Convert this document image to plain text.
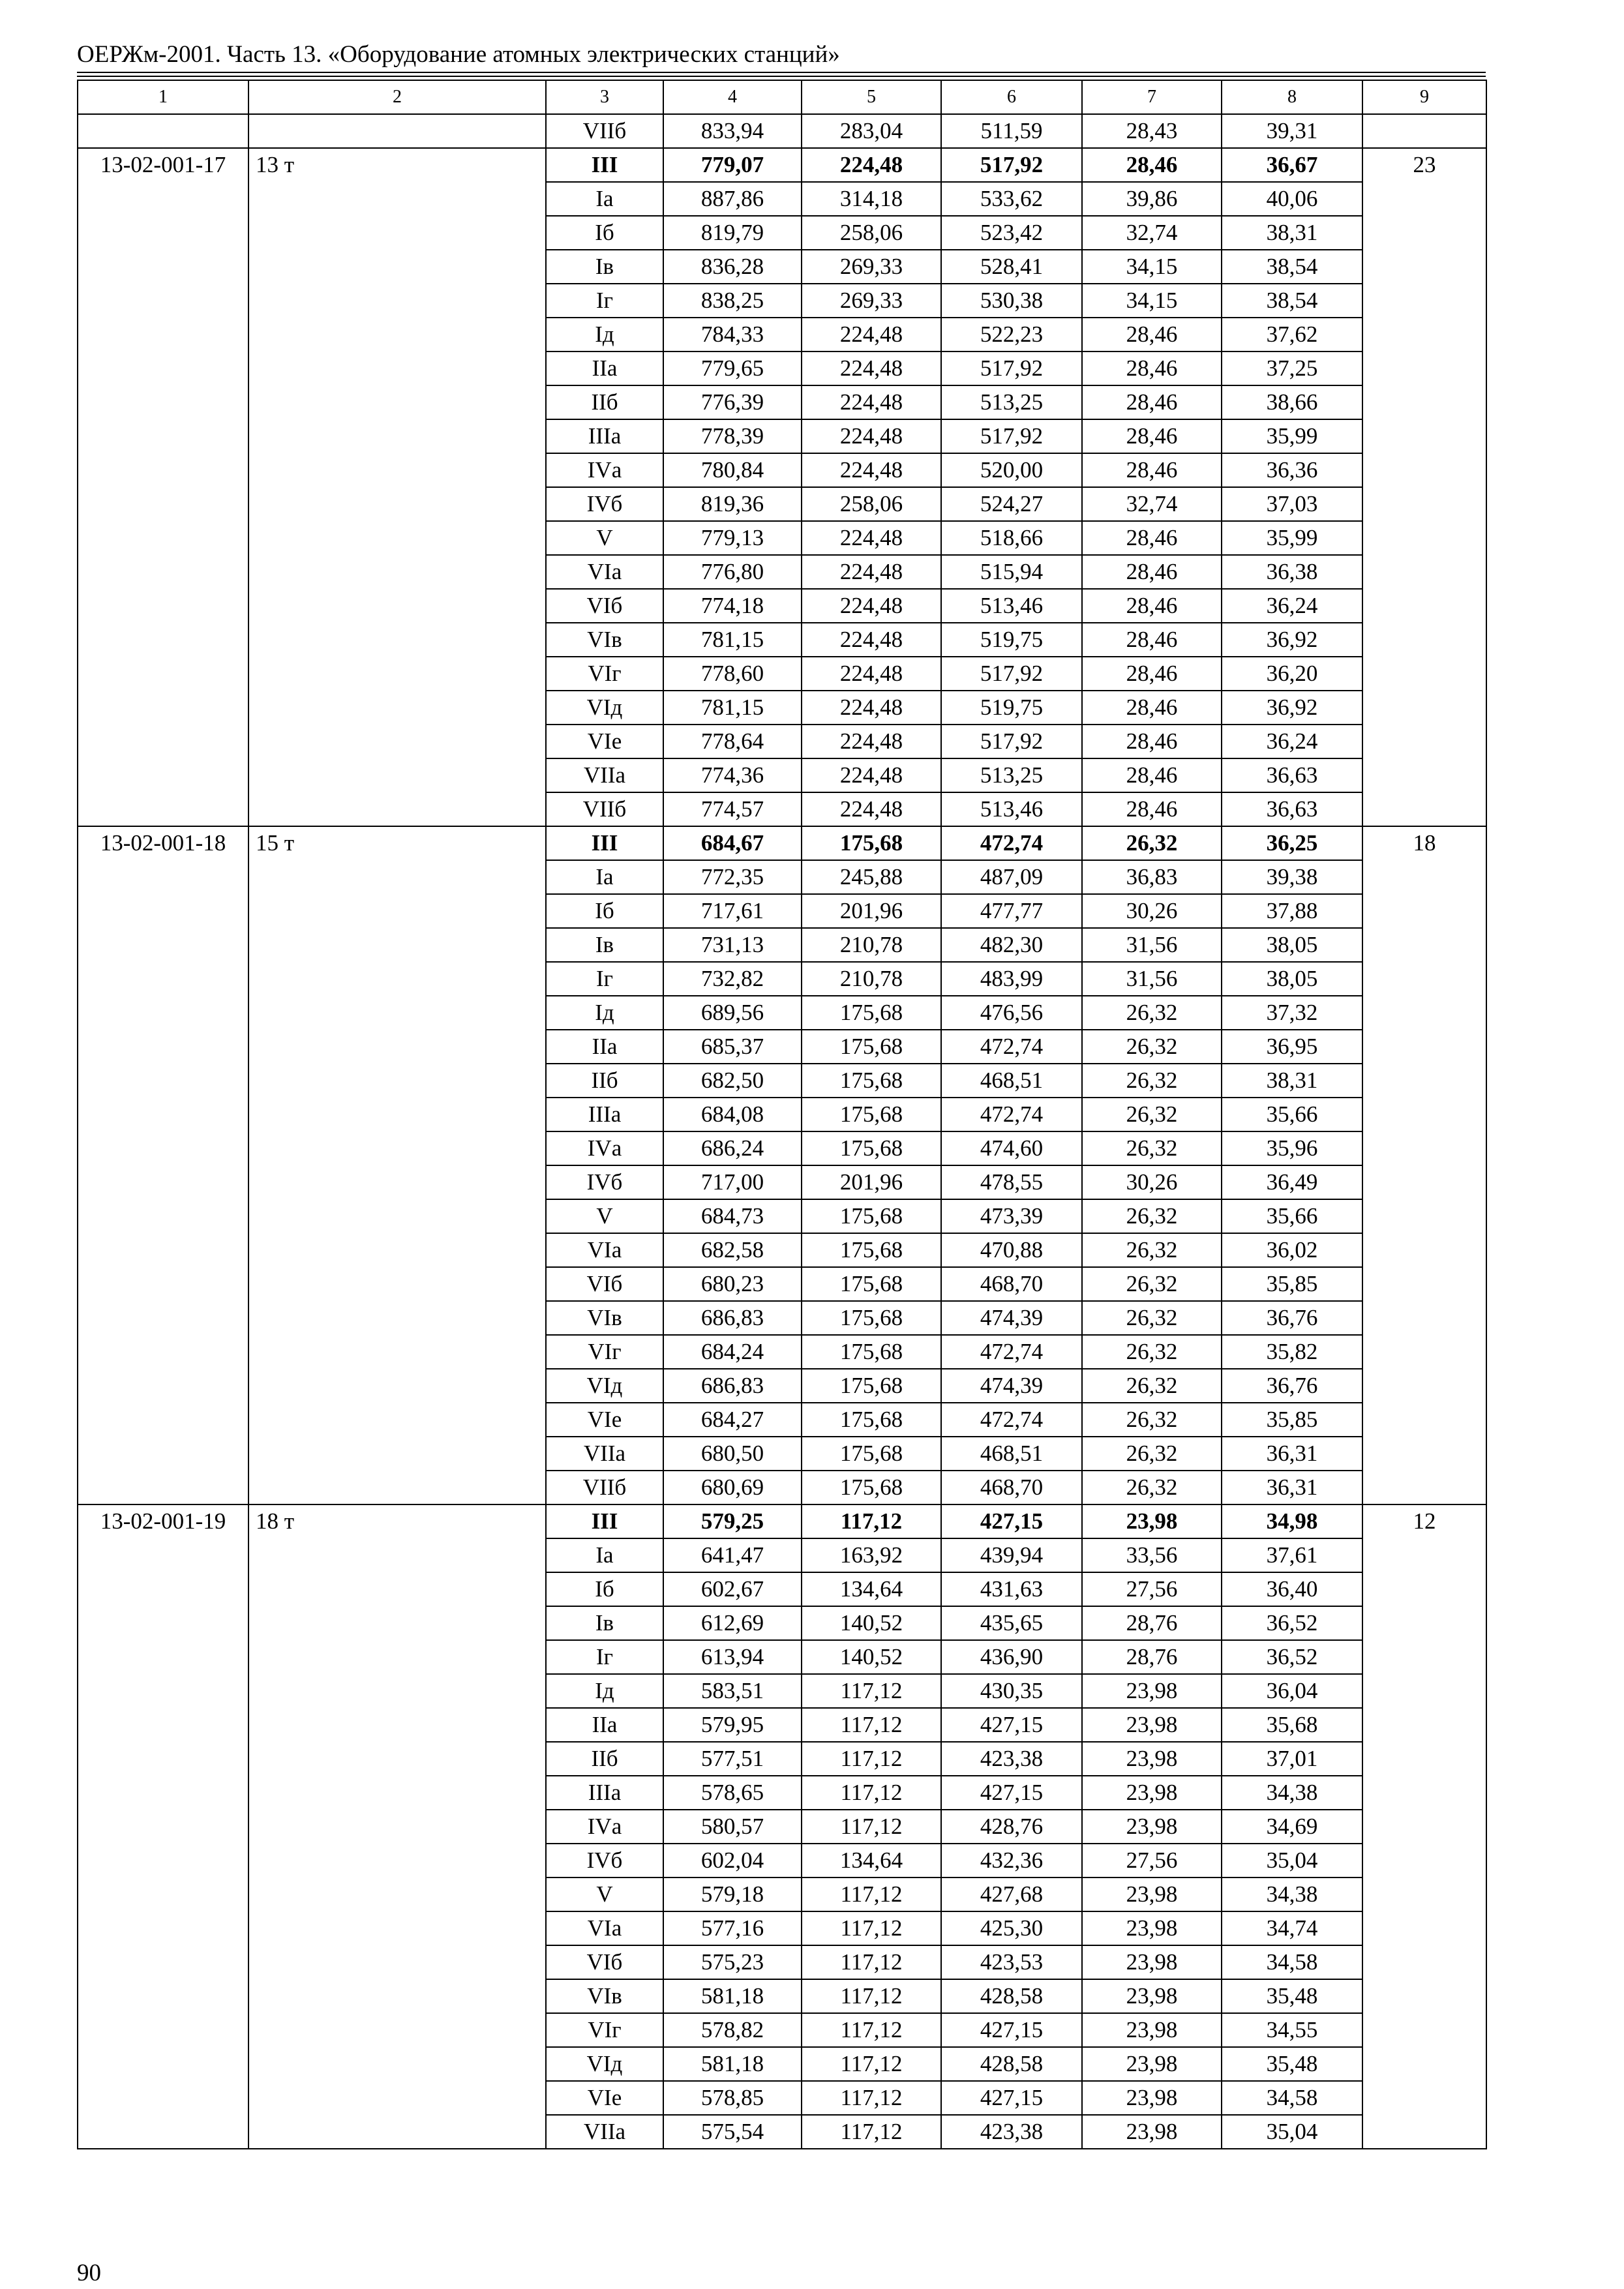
ОЕРЖм-2001. Часть 13. «Оборудование атомных электрических станций»
1	2	3	4	5	6	7	8	9
		VIIб	833,94	283,04	511,59	28,43	39,31	
13-02-001-17	13 т	III	779,07	224,48	517,92	28,46	36,67	23
		Iа	887,86	314,18	533,62	39,86	40,06	
		Iб	819,79	258,06	523,42	32,74	38,31	
		Iв	836,28	269,33	528,41	34,15	38,54	
		Iг	838,25	269,33	530,38	34,15	38,54	
		Iд	784,33	224,48	522,23	28,46	37,62	
		IIа	779,65	224,48	517,92	28,46	37,25	
		IIб	776,39	224,48	513,25	28,46	38,66	
		IIIа	778,39	224,48	517,92	28,46	35,99	
		IVа	780,84	224,48	520,00	28,46	36,36	
		IVб	819,36	258,06	524,27	32,74	37,03	
		V	779,13	224,48	518,66	28,46	35,99	
		VIа	776,80	224,48	515,94	28,46	36,38	
		VIб	774,18	224,48	513,46	28,46	36,24	
		VIв	781,15	224,48	519,75	28,46	36,92	
		VIг	778,60	224,48	517,92	28,46	36,20	
		VIд	781,15	224,48	519,75	28,46	36,92	
		VIе	778,64	224,48	517,92	28,46	36,24	
		VIIа	774,36	224,48	513,25	28,46	36,63	
		VIIб	774,57	224,48	513,46	28,46	36,63	
13-02-001-18	15 т	III	684,67	175,68	472,74	26,32	36,25	18
		Iа	772,35	245,88	487,09	36,83	39,38	
		Iб	717,61	201,96	477,77	30,26	37,88	
		Iв	731,13	210,78	482,30	31,56	38,05	
		Iг	732,82	210,78	483,99	31,56	38,05	
		Iд	689,56	175,68	476,56	26,32	37,32	
		IIа	685,37	175,68	472,74	26,32	36,95	
		IIб	682,50	175,68	468,51	26,32	38,31	
		IIIа	684,08	175,68	472,74	26,32	35,66	
		IVа	686,24	175,68	474,60	26,32	35,96	
		IVб	717,00	201,96	478,55	30,26	36,49	
		V	684,73	175,68	473,39	26,32	35,66	
		VIа	682,58	175,68	470,88	26,32	36,02	
		VIб	680,23	175,68	468,70	26,32	35,85	
		VIв	686,83	175,68	474,39	26,32	36,76	
		VIг	684,24	175,68	472,74	26,32	35,82	
		VIд	686,83	175,68	474,39	26,32	36,76	
		VIе	684,27	175,68	472,74	26,32	35,85	
		VIIа	680,50	175,68	468,51	26,32	36,31	
		VIIб	680,69	175,68	468,70	26,32	36,31	
13-02-001-19	18 т	III	579,25	117,12	427,15	23,98	34,98	12
		Iа	641,47	163,92	439,94	33,56	37,61	
		Iб	602,67	134,64	431,63	27,56	36,40	
		Iв	612,69	140,52	435,65	28,76	36,52	
		Iг	613,94	140,52	436,90	28,76	36,52	
		Iд	583,51	117,12	430,35	23,98	36,04	
		IIа	579,95	117,12	427,15	23,98	35,68	
		IIб	577,51	117,12	423,38	23,98	37,01	
		IIIа	578,65	117,12	427,15	23,98	34,38	
		IVа	580,57	117,12	428,76	23,98	34,69	
		IVб	602,04	134,64	432,36	27,56	35,04	
		V	579,18	117,12	427,68	23,98	34,38	
		VIа	577,16	117,12	425,30	23,98	34,74	
		VIб	575,23	117,12	423,53	23,98	34,58	
		VIв	581,18	117,12	428,58	23,98	35,48	
		VIг	578,82	117,12	427,15	23,98	34,55	
		VIд	581,18	117,12	428,58	23,98	35,48	
		VIе	578,85	117,12	427,15	23,98	34,58	
		VIIа	575,54	117,12	423,38	23,98	35,04	
90
